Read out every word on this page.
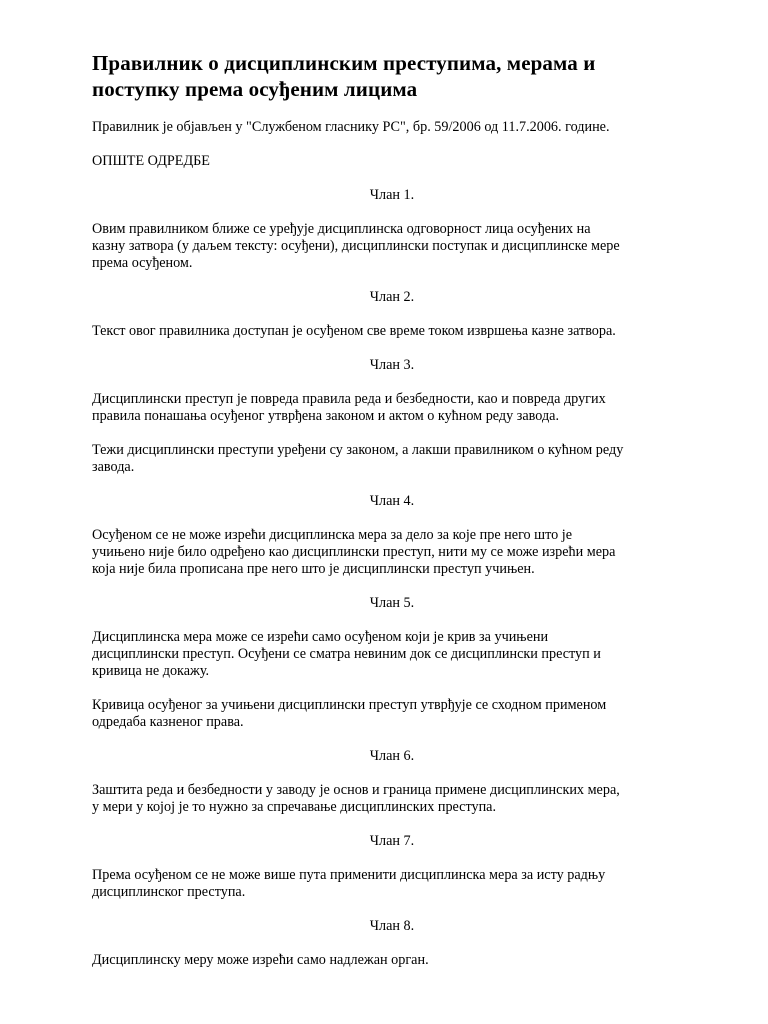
Правилник о дисциплинским преступима, мерама и
поступку према осуђеним лицима

Правилник је објављен у "Службеном гласнику РС", бр. 59/2006 од 11.7.2006. године.

ОПШТЕ ОДРЕДБЕ

Члан 1.

Овим правилником ближе се уређује дисциплинска одговорност лица осуђених на
казну затвора (у даљем тексту: осуђени), дисциплински поступак и дисциплинске мере
према осуђеном.

Члан 2.

Текст овог правилника доступан је осуђеном све време током извршења казне затвора.

Члан 3.

Дисциплински преступ је повреда правила реда и безбедности, као и повреда других
правила понашања осуђеног утврђена законом и актом о кућном реду завода.

Тежи дисциплински преступи уређени су законом, а лакши правилником о кућном реду
завода.

Члан 4.

Осуђеном се не може изрећи дисциплинска мера за дело за које пре него што је
учињено није било одређено као дисциплински преступ, нити му се може изрећи мера
која није била прописана пре него што је дисциплински преступ учињен.

Члан 5.

Дисциплинска мера може се изрећи само осуђеном који је крив за учињени
дисциплински преступ. Осуђени се сматра невиним док се дисциплински преступ и
кривица не докажу.

Кривица осуђеног за учињени дисциплински преступ утврђује се сходном применом
одредаба казненог права.

Члан 6.

Заштита реда и безбедности у заводу је основ и граница примене дисциплинских мера,
у мери у којој је то нужно за спречавање дисциплинских преступа.

Члан 7.

Према осуђеном се не може више пута применити дисциплинска мера за исту радњу
дисциплинског преступа.

Члан 8.

Дисциплинску меру може изрећи само надлежан орган.
